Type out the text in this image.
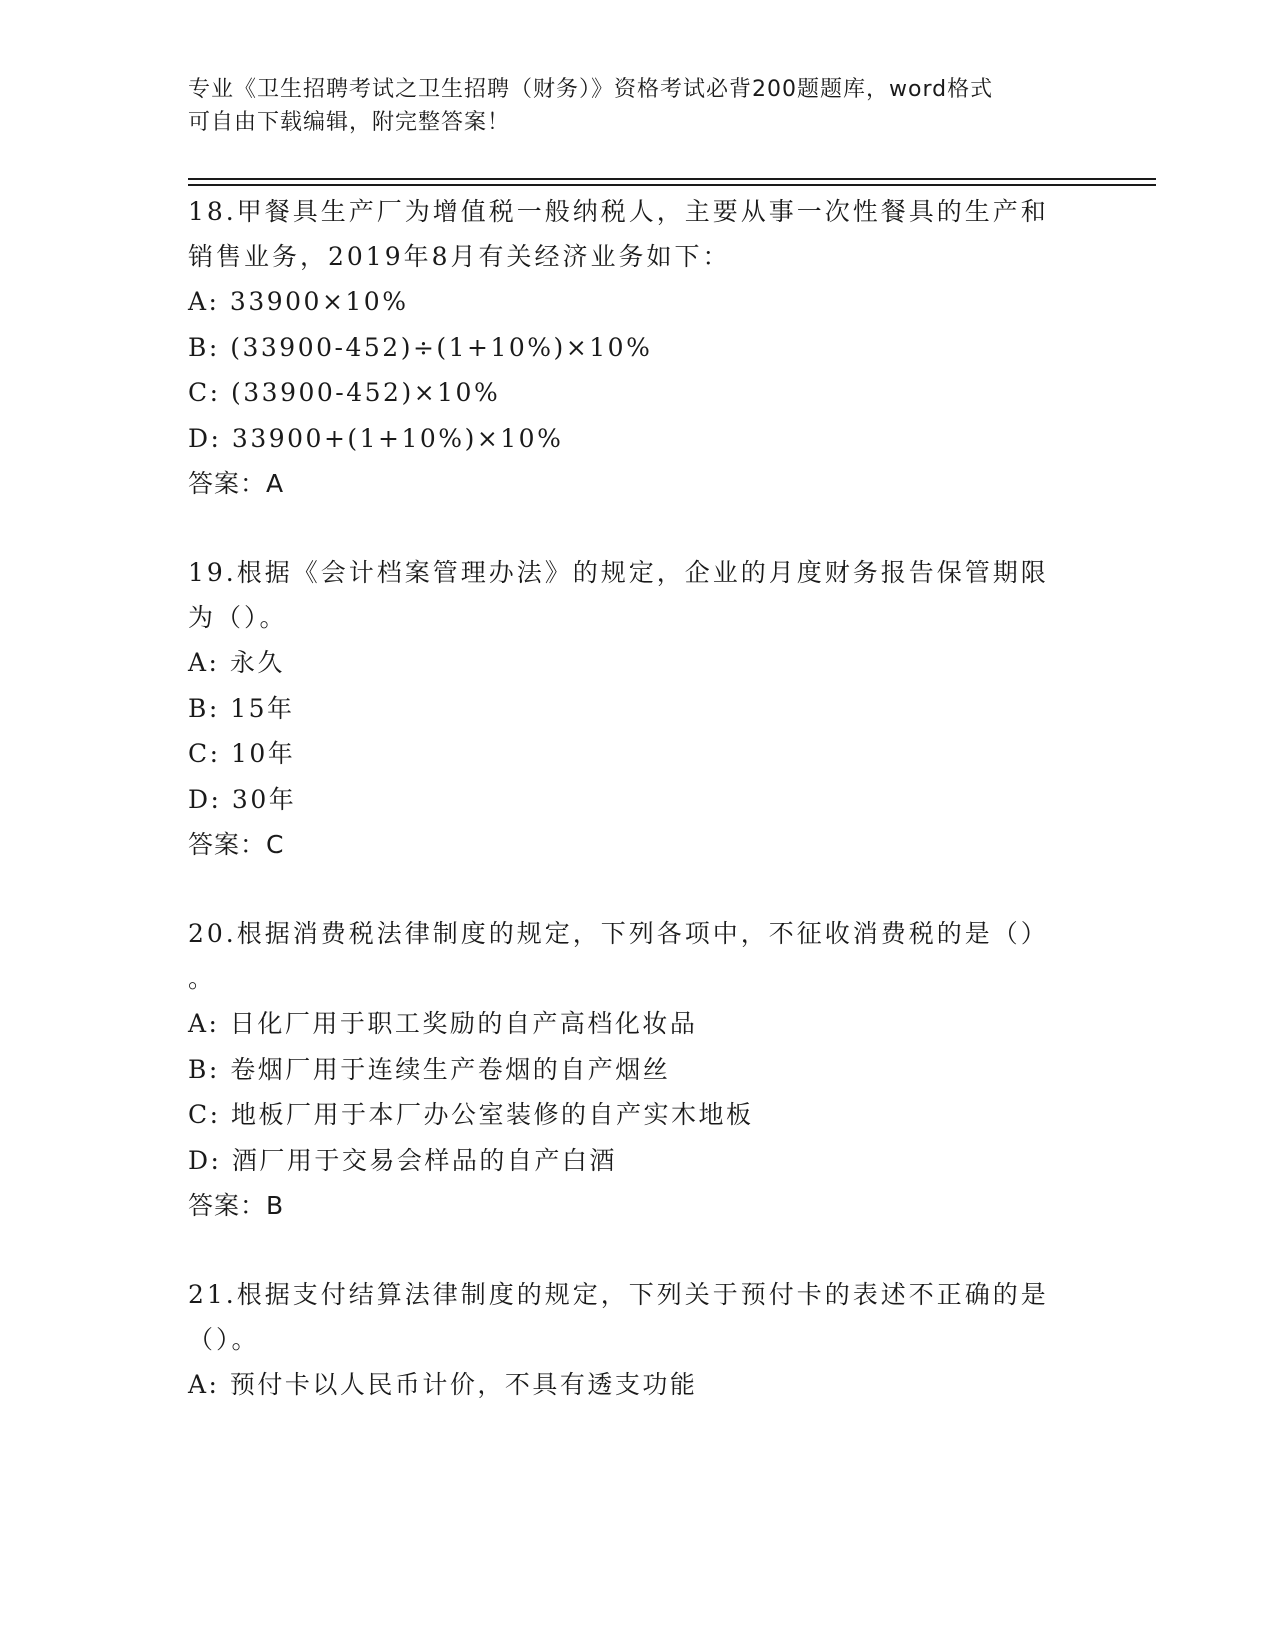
专业《卫生招聘考试之卫生招聘（财务）》资格考试必背200题题库，word格式
可自由下载编辑，附完整答案！
18.甲餐具生产厂为增值税一般纳税人，主要从事一次性餐具的生产和
销售业务，2019年8月有关经济业务如下：
A: 33900×10%
B: (33900-452)÷(1+10%)×10%
C: (33900-452)×10%
D: 33900+(1+10%)×10%
答案：A
19.根据《会计档案管理办法》的规定，企业的月度财务报告保管期限
为（）。
A: 永久
B: 15年
C: 10年
D: 30年
答案：C
20.根据消费税法律制度的规定，下列各项中，不征收消费税的是（）
。
A: 日化厂用于职工奖励的自产高档化妆品
B: 卷烟厂用于连续生产卷烟的自产烟丝
C: 地板厂用于本厂办公室装修的自产实木地板
D: 酒厂用于交易会样品的自产白酒
答案：B
21.根据支付结算法律制度的规定，下列关于预付卡的表述不正确的是
（）。
A: 预付卡以人民币计价，不具有透支功能
